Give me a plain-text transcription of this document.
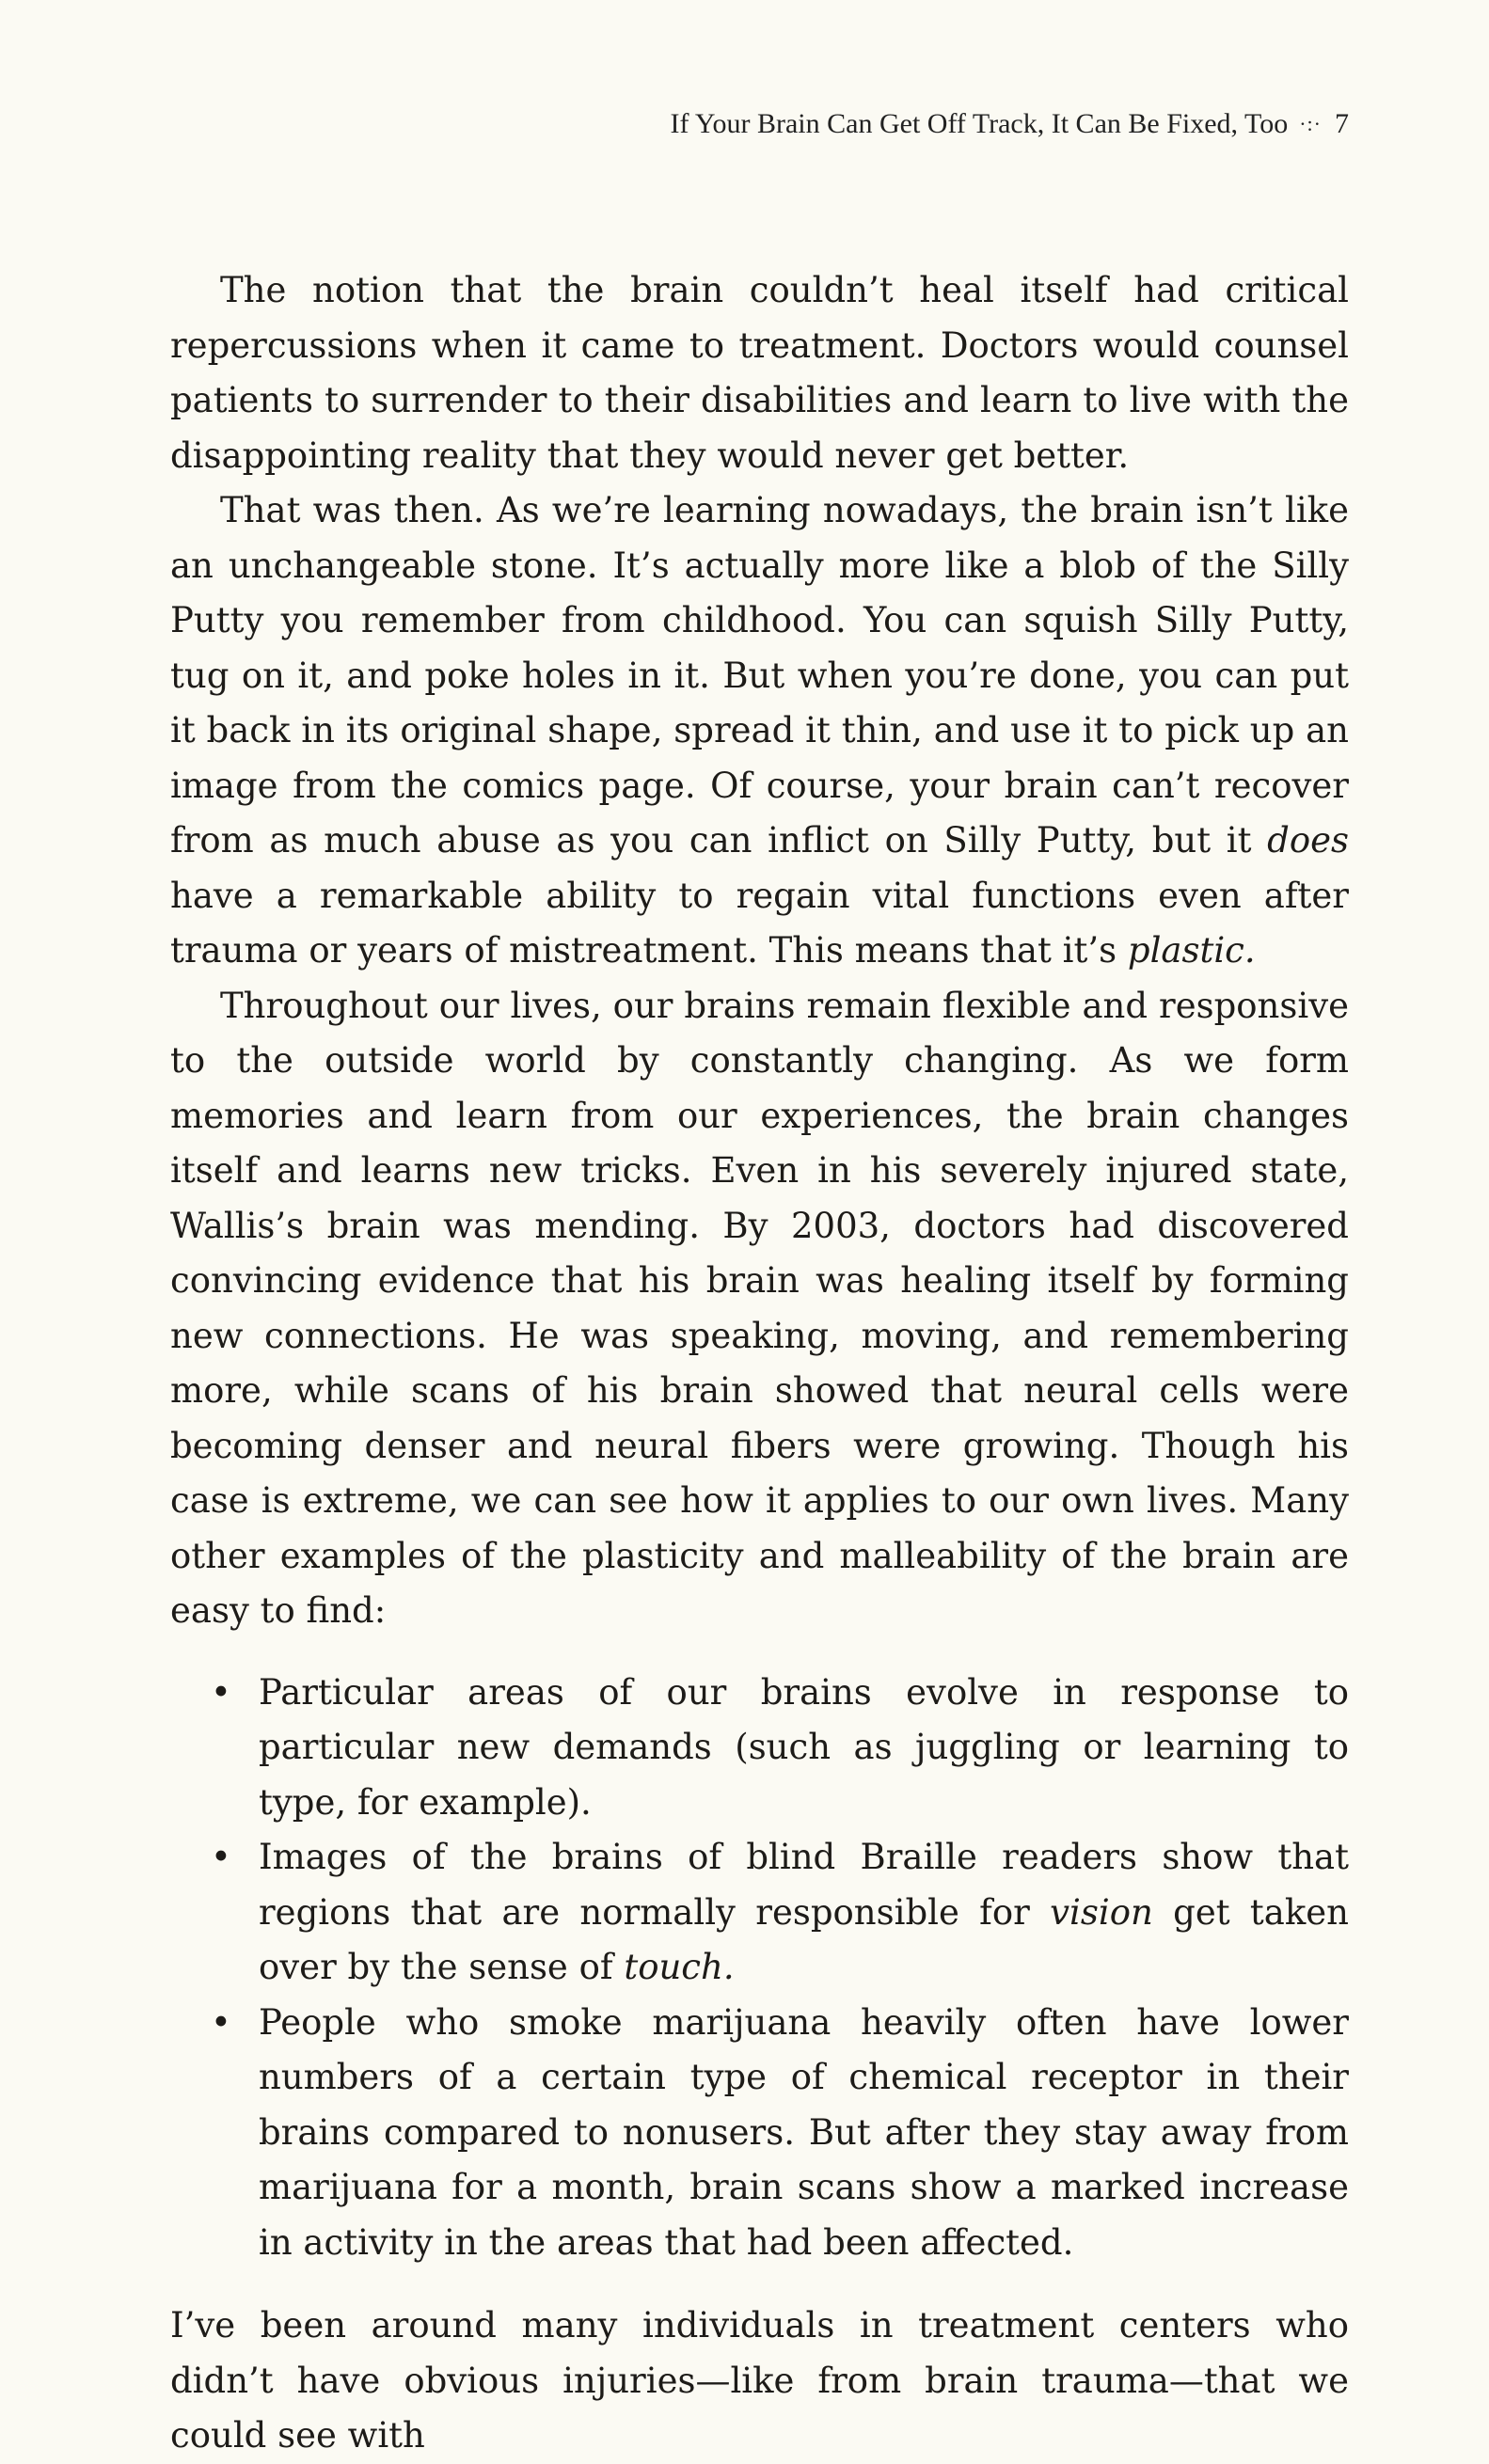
If Your Brain Can Get Off Track, It Can Be Fixed, Too ·:· 7

The notion that the brain couldn’t heal itself had critical repercussions when it came to treatment. Doctors would counsel patients to surrender to their disabilities and learn to live with the disappointing reality that they would never get better.

That was then. As we’re learning nowadays, the brain isn’t like an unchangeable stone. It’s actually more like a blob of the Silly Putty you remember from childhood. You can squish Silly Putty, tug on it, and poke holes in it. But when you’re done, you can put it back in its original shape, spread it thin, and use it to pick up an image from the comics page. Of course, your brain can’t recover from as much abuse as you can inflict on Silly Putty, but it does have a remarkable ability to regain vital functions even after trauma or years of mistreatment. This means that it’s plastic.

Throughout our lives, our brains remain flexible and responsive to the outside world by constantly changing. As we form memories and learn from our experiences, the brain changes itself and learns new tricks. Even in his severely injured state, Wallis’s brain was mending. By 2003, doctors had discovered convincing evidence that his brain was healing itself by forming new connections. He was speaking, moving, and remembering more, while scans of his brain showed that neural cells were becoming denser and neural fibers were growing. Though his case is extreme, we can see how it applies to our own lives. Many other examples of the plasticity and malleability of the brain are easy to find:

• Particular areas of our brains evolve in response to particular new demands (such as juggling or learning to type, for example).
• Images of the brains of blind Braille readers show that regions that are normally responsible for vision get taken over by the sense of touch.
• People who smoke marijuana heavily often have lower numbers of a certain type of chemical receptor in their brains compared to nonusers. But after they stay away from marijuana for a month, brain scans show a marked increase in activity in the areas that had been affected.

I’ve been around many individuals in treatment centers who didn’t have obvious injuries—like from brain trauma—that we could see with
